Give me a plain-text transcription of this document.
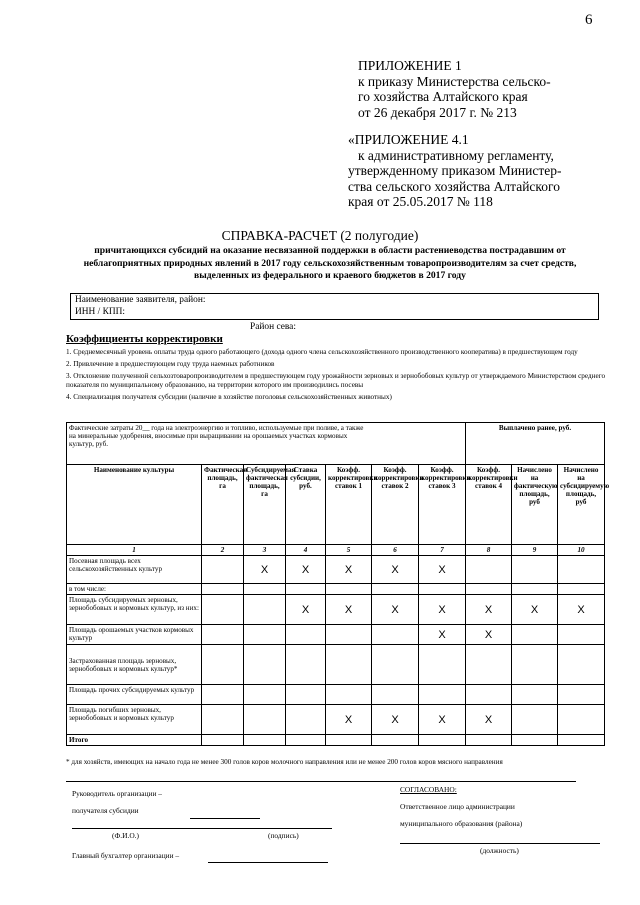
6
ПРИЛОЖЕНИЕ 1
к приказу Министерства сельско-
го хозяйства Алтайского края
от 26 декабря 2017 г. № 213
«ПРИЛОЖЕНИЕ 4.1
к административному регламенту,
утвержденному приказом Министер-
ства сельского хозяйства Алтайского
края от 25.05.2017 № 118
СПРАВКА-РАСЧЕТ (2 полугодие)
причитающихся субсидий на оказание несвязанной поддержки в области растениеводства пострадавшим от неблагоприятных природных явлений в 2017 году сельскохозяйственным товаропроизводителям за счет средств, выделенных из федерального и краевого бюджетов в 2017 году
Наименование заявителя, район:
ИНН / КПП:
Район сева:
Коэффициенты корректировки

1. Среднемесячный уровень оплаты труда одного работающего (дохода одного члена сельскохозяйственного производственного кооператива) в предшествующем году

2. Привлечение в предшествующем году труда наемных работников

3. Отклонение полученной сельхозтоваропроизводителем в предшествующем году урожайности зерновых и зернобобовых культур от утверждаемого Министерством среднего показателя по муниципальному образованию, на территории которого им производились посевы

4. Специализация получателя субсидии (наличие в хозяйстве поголовья сельскохозяйственных животных)

Фактические затраты 20__ года на электроэнергию и топливо, используемые при поливе, а также на минеральные удобрения, вносимые при выращивании на орошаемых участках кормовых культур, руб.							Выплачено ранее, руб.		
Наименование культуры	Фактическая площадь, га	Субсидируемая фактическая площадь, га	Ставка субсидии, руб.	Коэфф. корректировки ставок 1	Коэфф. корректировки ставок 2	Коэфф. корректировки ставок 3	Коэфф. корректировки ставок 4	Начислено на фактическую площадь, руб	Начислено на субсидируемую площадь, руб
1	2	3	4	5	6	7	8	9	10
Посевная площадь всех сельскохозяйственных культур		X	X	X	X	X			
в том числе:									
Площадь субсидируемых зерновых, зернобобовых и кормовых культур, из них:			X	X	X	X	X	X	X
Площадь орошаемых участков кормовых культур						X	X		
Застрахованная площадь зерновых, зернобобовых и кормовых культур*									
Площадь прочих субсидируемых культур									
Площадь погибших зерновых, зернобобовых и кормовых культур				X	X	X	X		
Итого									
* для хозяйств, имеющих на начало года не менее 300 голов коров молочного направления или не менее 200 голов коров мясного направления
Руководитель организации –
получателя субсидии
(Ф.И.О.)	(подпись)
Главный бухгалтер организации –
СОГЛАСОВАНО:
Ответственное лицо администрации
муниципального образования (района)
(должность)
